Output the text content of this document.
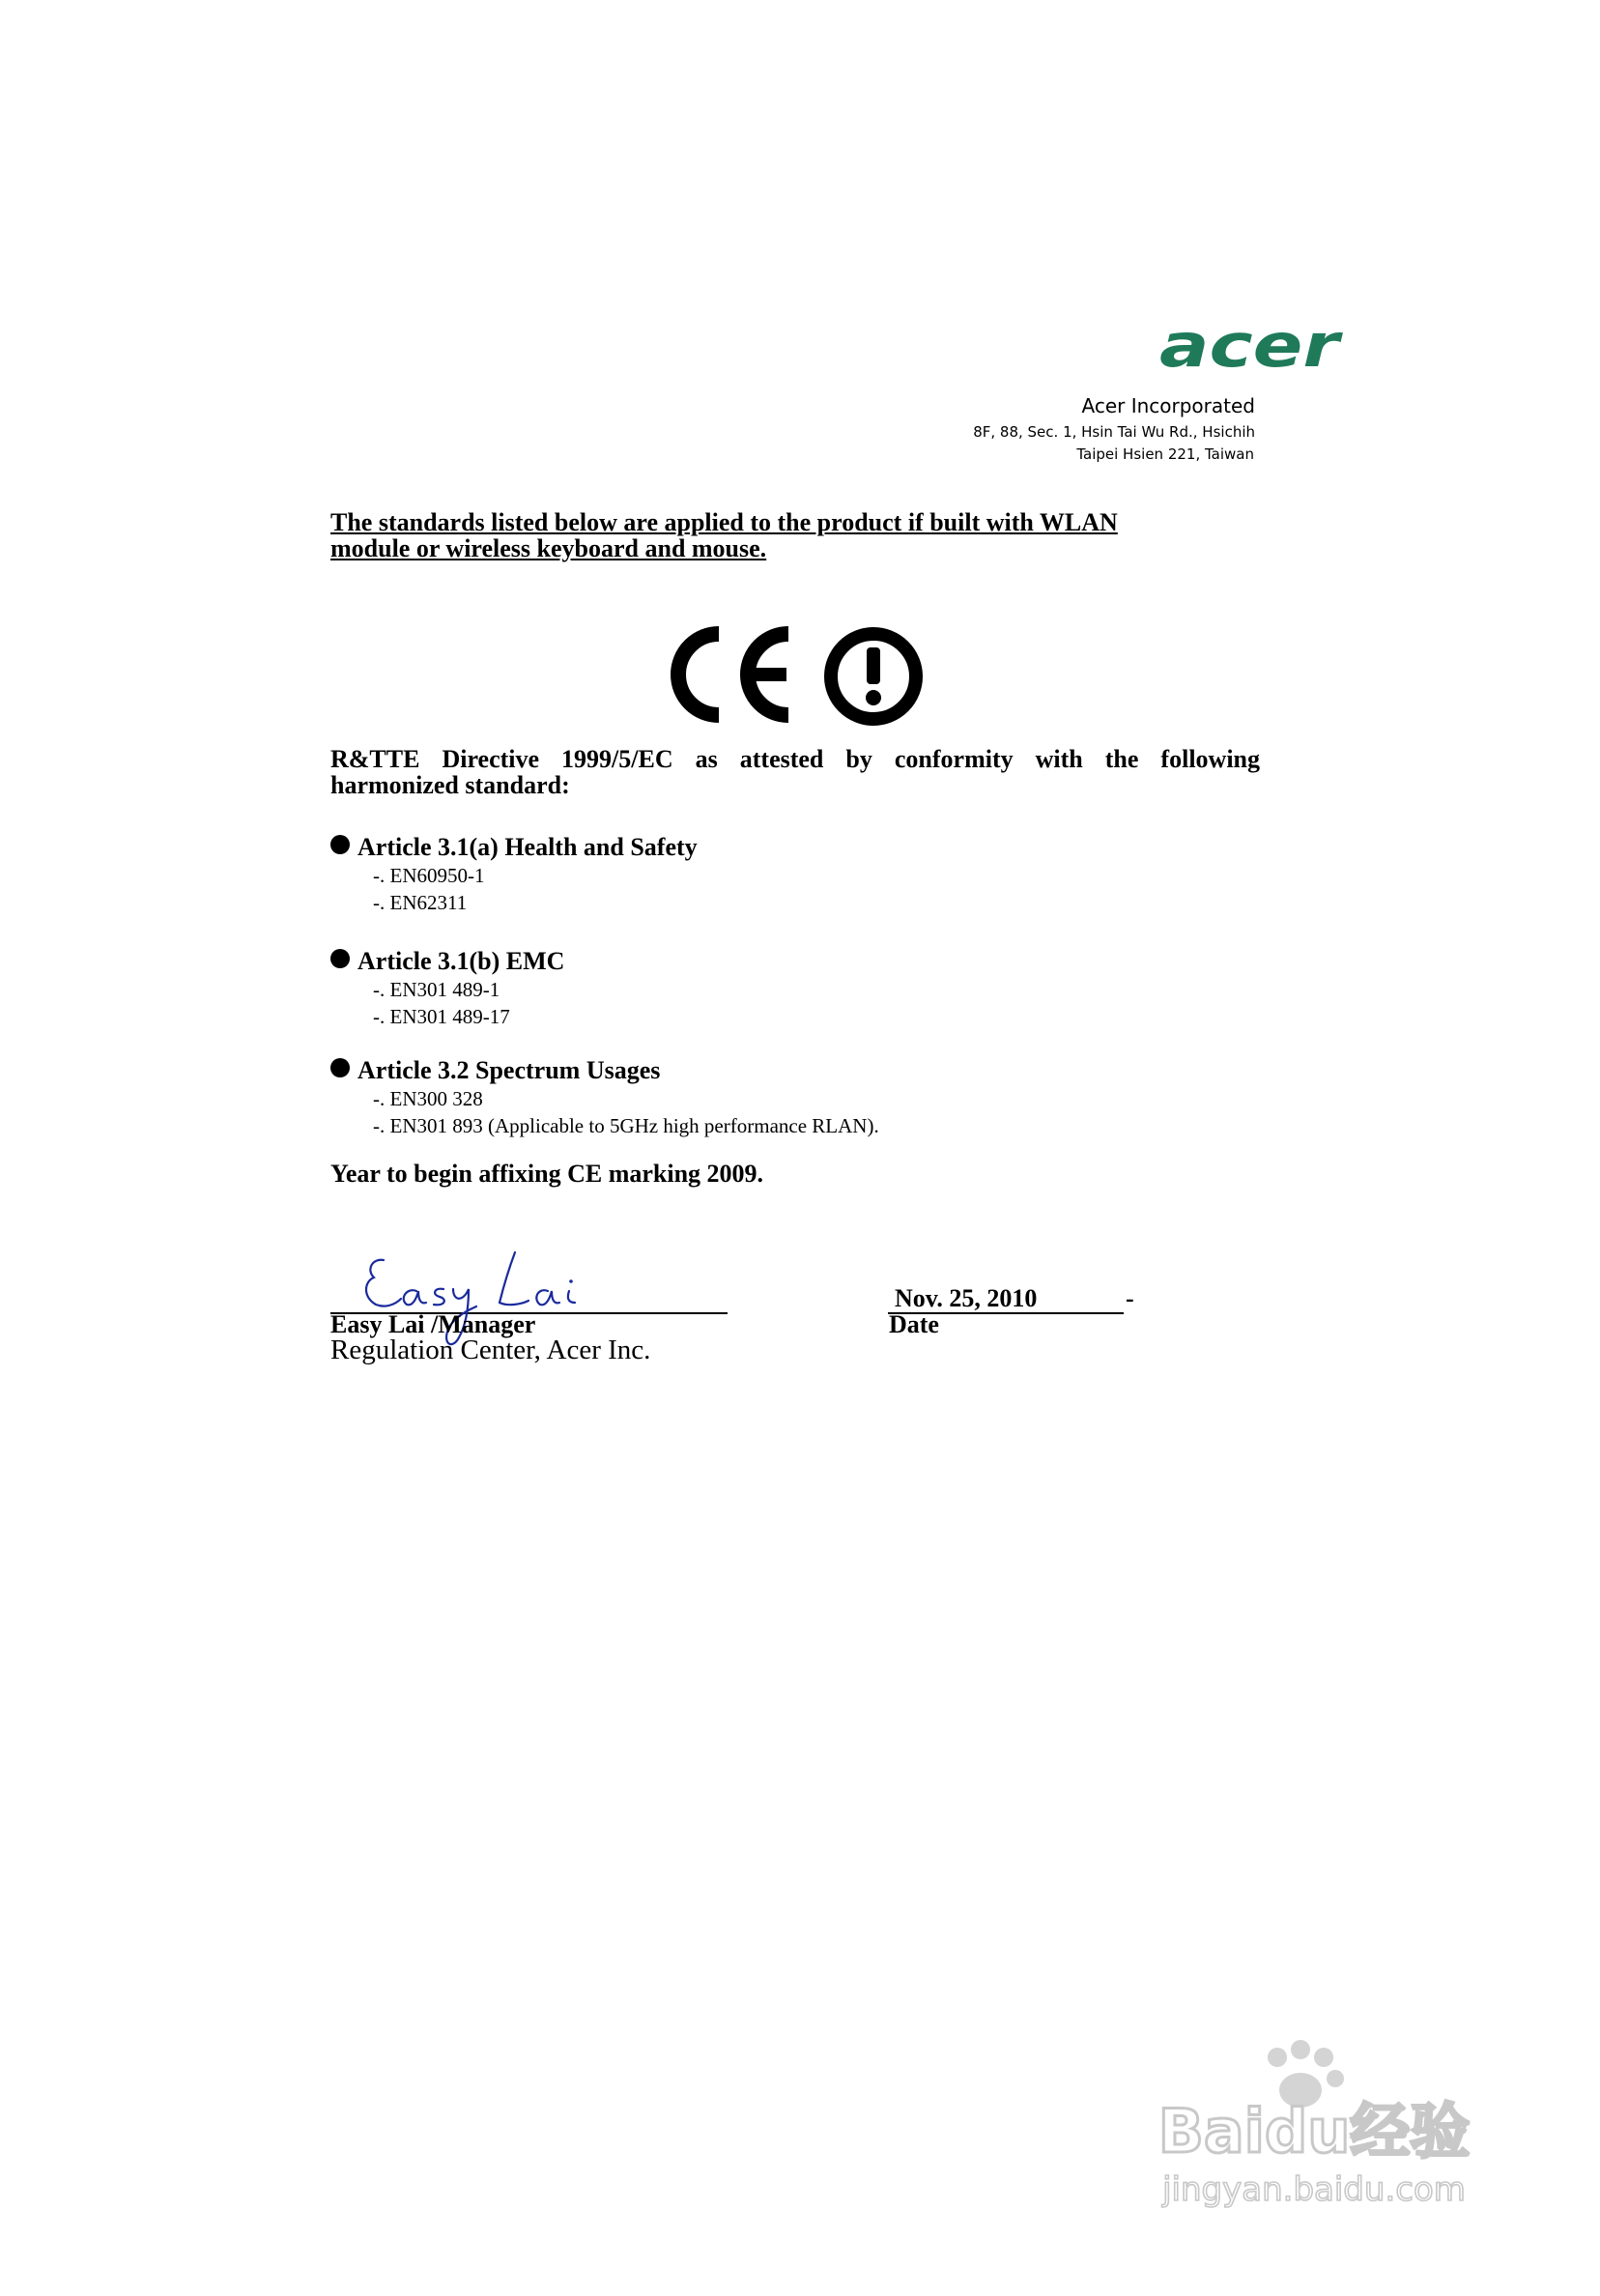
acer
Acer Incorporated
8F, 88, Sec. 1, Hsin Tai Wu Rd., Hsichih
Taipei Hsien 221, Taiwan
The standards listed below are applied to the product if built with WLAN
module or wireless keyboard and mouse.
R&TTE Directive 1999/5/EC as attested by conformity with the following
harmonized standard:
Article 3.1(a) Health and Safety
-. EN60950-1
-. EN62311
Article 3.1(b) EMC
-. EN301 489-1
-. EN301 489-17
Article 3.2 Spectrum Usages
-. EN300 328
-. EN301 893 (Applicable to 5GHz high performance RLAN).
Year to begin affixing CE marking 2009.
Easy Lai /Manager
Regulation Center, Acer Inc.
Nov. 25, 2010	-
Date
Baidu经验
jingyan.baidu.com
